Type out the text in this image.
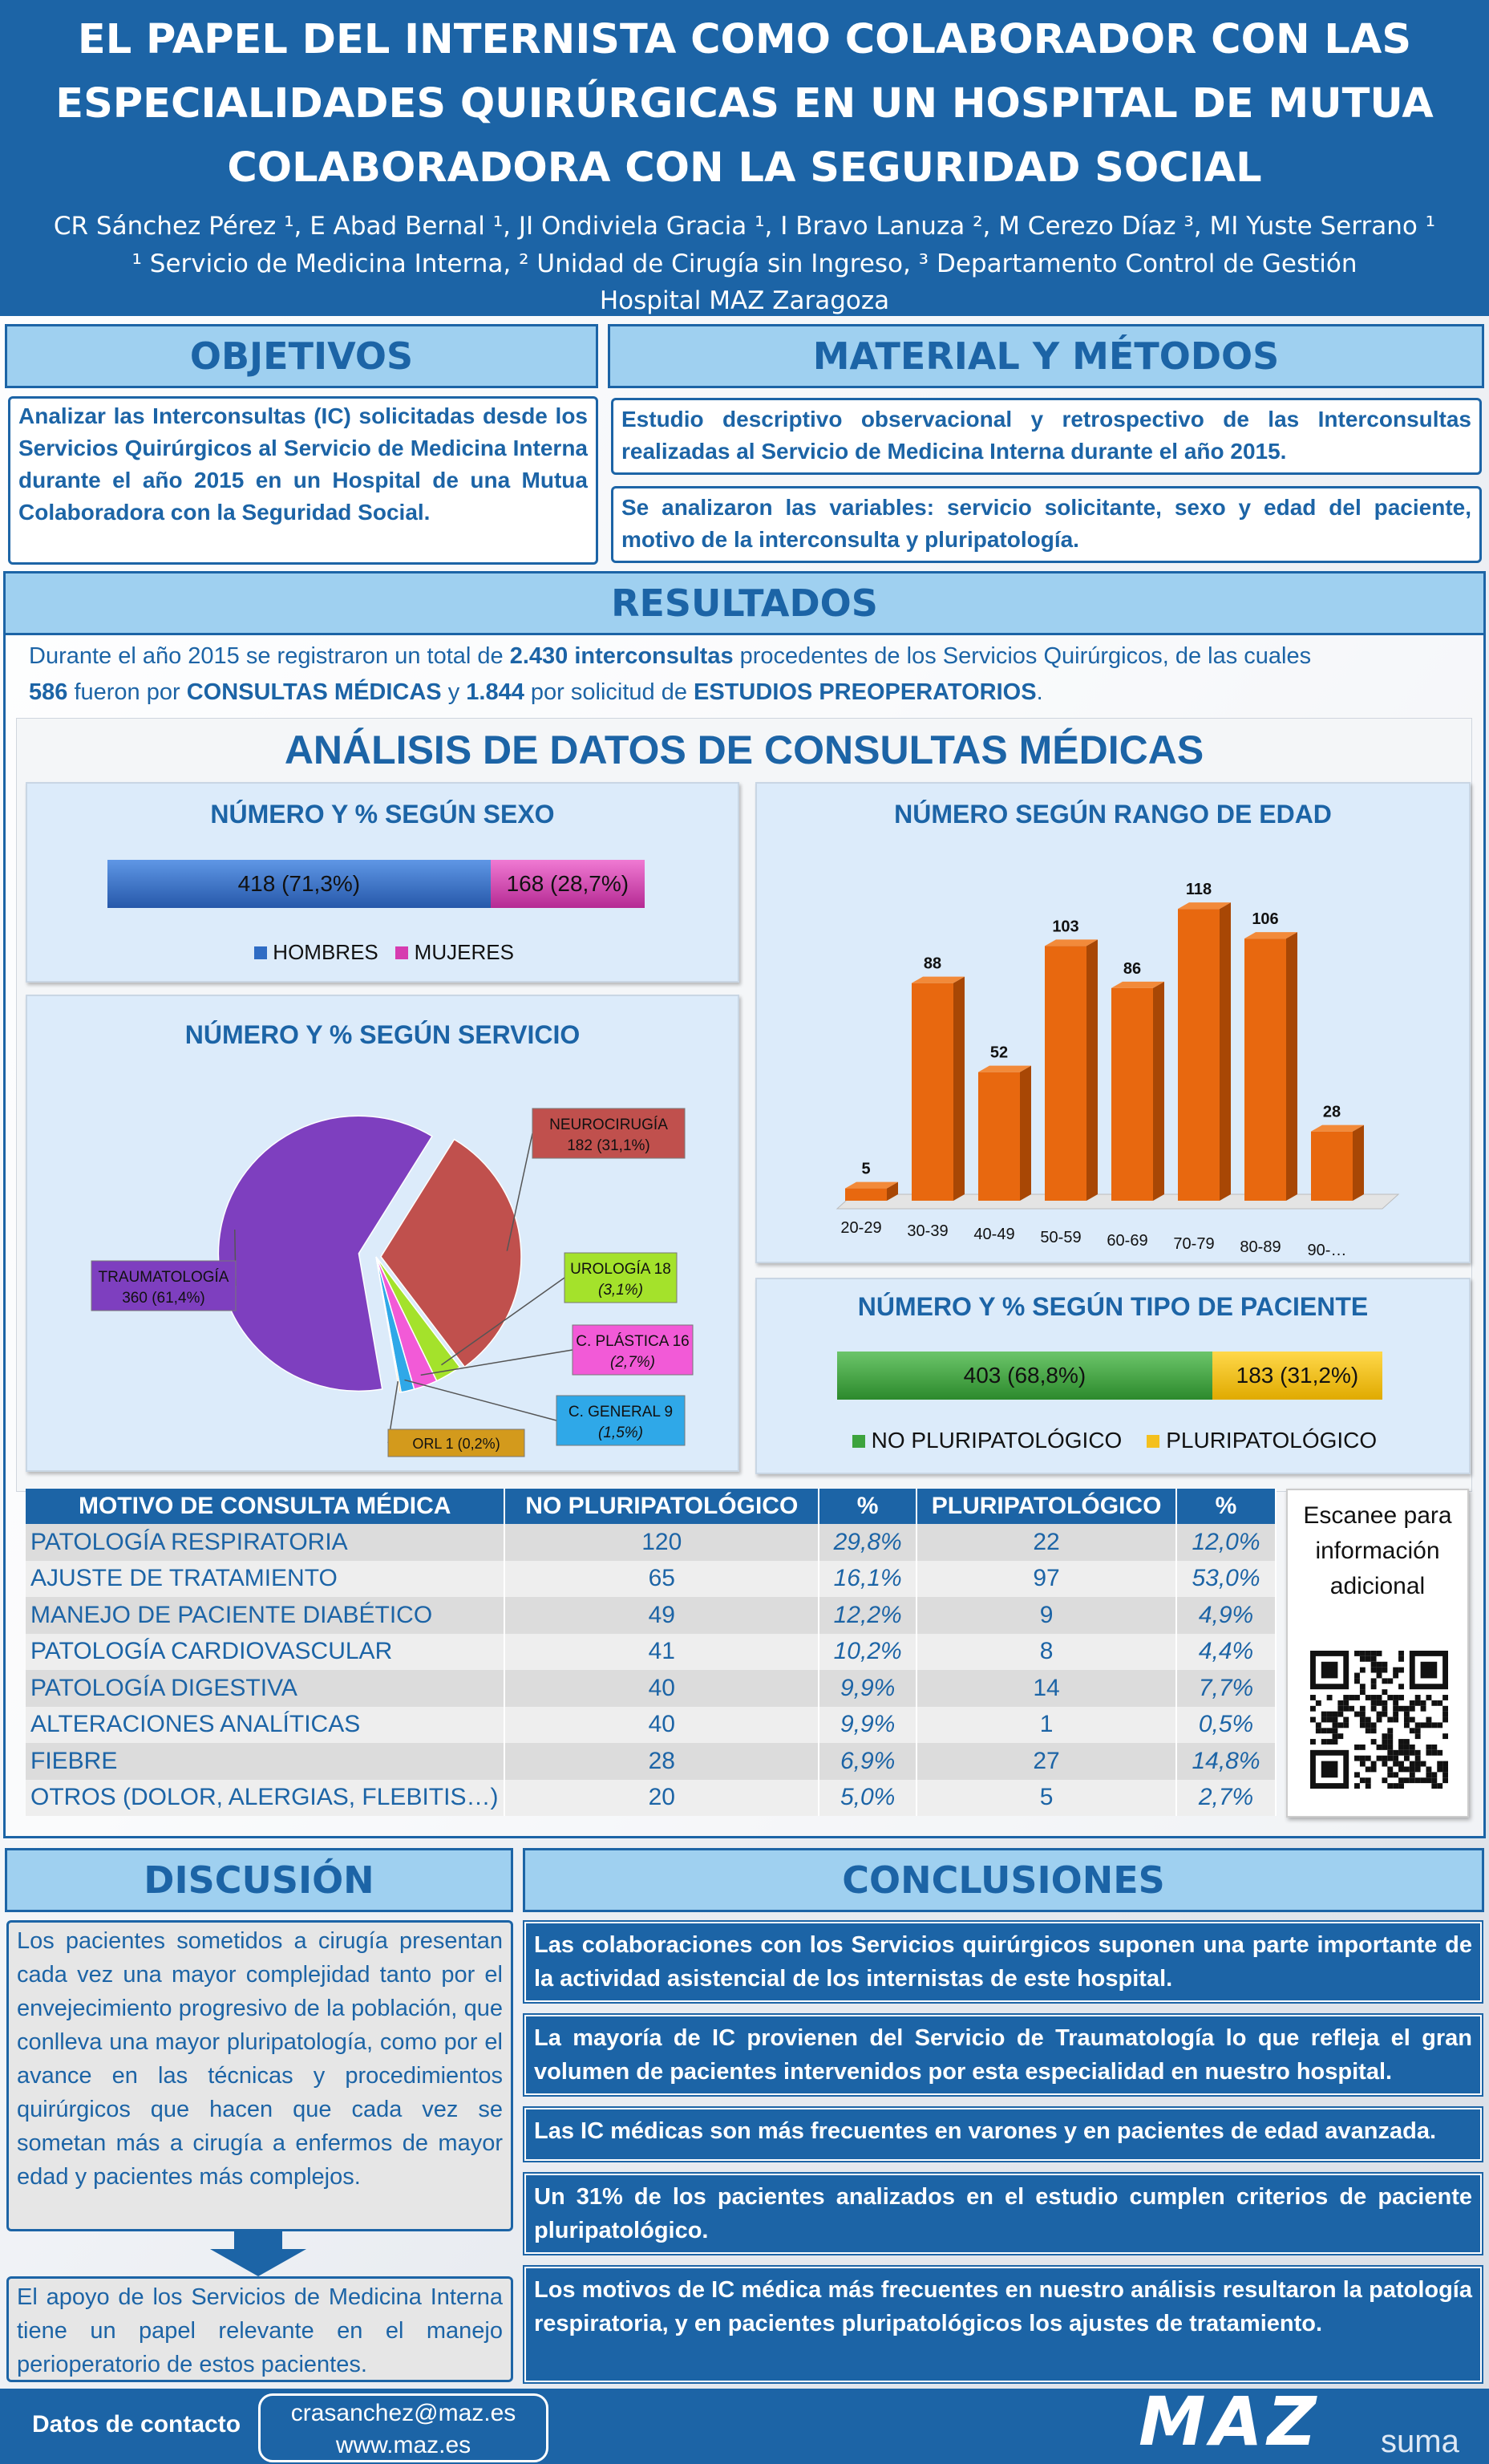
EL PAPEL DEL INTERNISTA COMO COLABORADOR CON LAS
ESPECIALIDADES QUIRÚRGICAS EN UN HOSPITAL DE MUTUA
COLABORADORA CON LA SEGURIDAD SOCIAL
CR Sánchez Pérez ¹, E Abad Bernal ¹, JI Ondiviela Gracia ¹, I Bravo Lanuza ², M Cerezo Díaz ³, MI Yuste Serrano ¹
¹ Servicio de Medicina Interna, ² Unidad de Cirugía sin Ingreso, ³ Departamento Control de Gestión
Hospital MAZ Zaragoza
OBJETIVOS
Analizar las Interconsultas (IC) solicitadas desde los Servicios Quirúrgicos al Servicio de Medicina Interna durante el año 2015 en un Hospital de una Mutua Colaboradora con la Seguridad Social.
MATERIAL Y MÉTODOS
Estudio descriptivo observacional y retrospectivo de las Interconsultas realizadas al Servicio de Medicina Interna durante el año 2015.
Se analizaron las variables: servicio solicitante, sexo y edad del paciente, motivo de la interconsulta y pluripatología.
RESULTADOS
Durante el año 2015 se registraron un total de 2.430 interconsultas procedentes de los Servicios Quirúrgicos, de las cuales
586 fueron por CONSULTAS MÉDICAS y 1.844 por solicitud de ESTUDIOS PREOPERATORIOS.
ANÁLISIS DE DATOS DE CONSULTAS MÉDICAS
NÚMERO Y % SEGÚN SEXO
418 (71,3%)	168 (28,7%)
HOMBRES MUJERES
NÚMERO SEGÚN RANGO DE EDAD
5
20-29
88
30-39
52
40-49
103
50-59
86
60-69
118
70-79
106
80-89
28
90-…
NÚMERO Y % SEGÚN SERVICIO
TRAUMATOLOGÍA
360 (61,4%)
NEUROCIRUGÍA
182 (31,1%)
UROLOGÍA 18
(3,1%)
C. PLÁSTICA 16
(2,7%)
C. GENERAL 9
(1,5%)
ORL 1 (0,2%)
NÚMERO Y % SEGÚN TIPO DE PACIENTE
403 (68,8%)	183 (31,2%)
NO PLURIPATOLÓGICO PLURIPATOLÓGICO
MOTIVO DE CONSULTA MÉDICA	NO PLURIPATOLÓGICO	%	PLURIPATOLÓGICO	%
PATOLOGÍA RESPIRATORIA	120	29,8%	22	12,0%
AJUSTE DE TRATAMIENTO	65	16,1%	97	53,0%
MANEJO DE PACIENTE DIABÉTICO	49	12,2%	9	4,9%
PATOLOGÍA CARDIOVASCULAR	41	10,2%	8	4,4%
PATOLOGÍA DIGESTIVA	40	9,9%	14	7,7%
ALTERACIONES ANALÍTICAS	40	9,9%	1	0,5%
FIEBRE	28	6,9%	27	14,8%
OTROS (DOLOR, ALERGIAS, FLEBITIS…)	20	5,0%	5	2,7%
Escanee para información adicional
DISCUSIÓN
Los pacientes sometidos a cirugía presentan cada vez una mayor complejidad tanto por el envejecimiento progresivo de la población, que conlleva una mayor pluripatología, como por el avance en las técnicas y procedimientos quirúrgicos que hacen que cada vez se sometan más a cirugía a enfermos de mayor edad y pacientes más complejos.
El apoyo de los Servicios de Medicina Interna tiene un papel relevante en el manejo perioperatorio de estos pacientes.
CONCLUSIONES
Las colaboraciones con los Servicios quirúrgicos suponen una parte importante de la actividad asistencial de los internistas de este hospital.
La mayoría de IC provienen del Servicio de Traumatología lo que refleja el gran volumen de pacientes intervenidos por esta especialidad en nuestro hospital.
Las IC médicas son más frecuentes en varones y en pacientes de edad avanzada.
Un 31% de los pacientes analizados en el estudio cumplen criterios de paciente pluripatológico.
Los motivos de IC médica más frecuentes en nuestro análisis resultaron la patología respiratoria, y en pacientes pluripatológicos los ajustes de tratamiento.
Datos de contacto	crasanchez@maz.es
www.maz.es	MAZ suma
